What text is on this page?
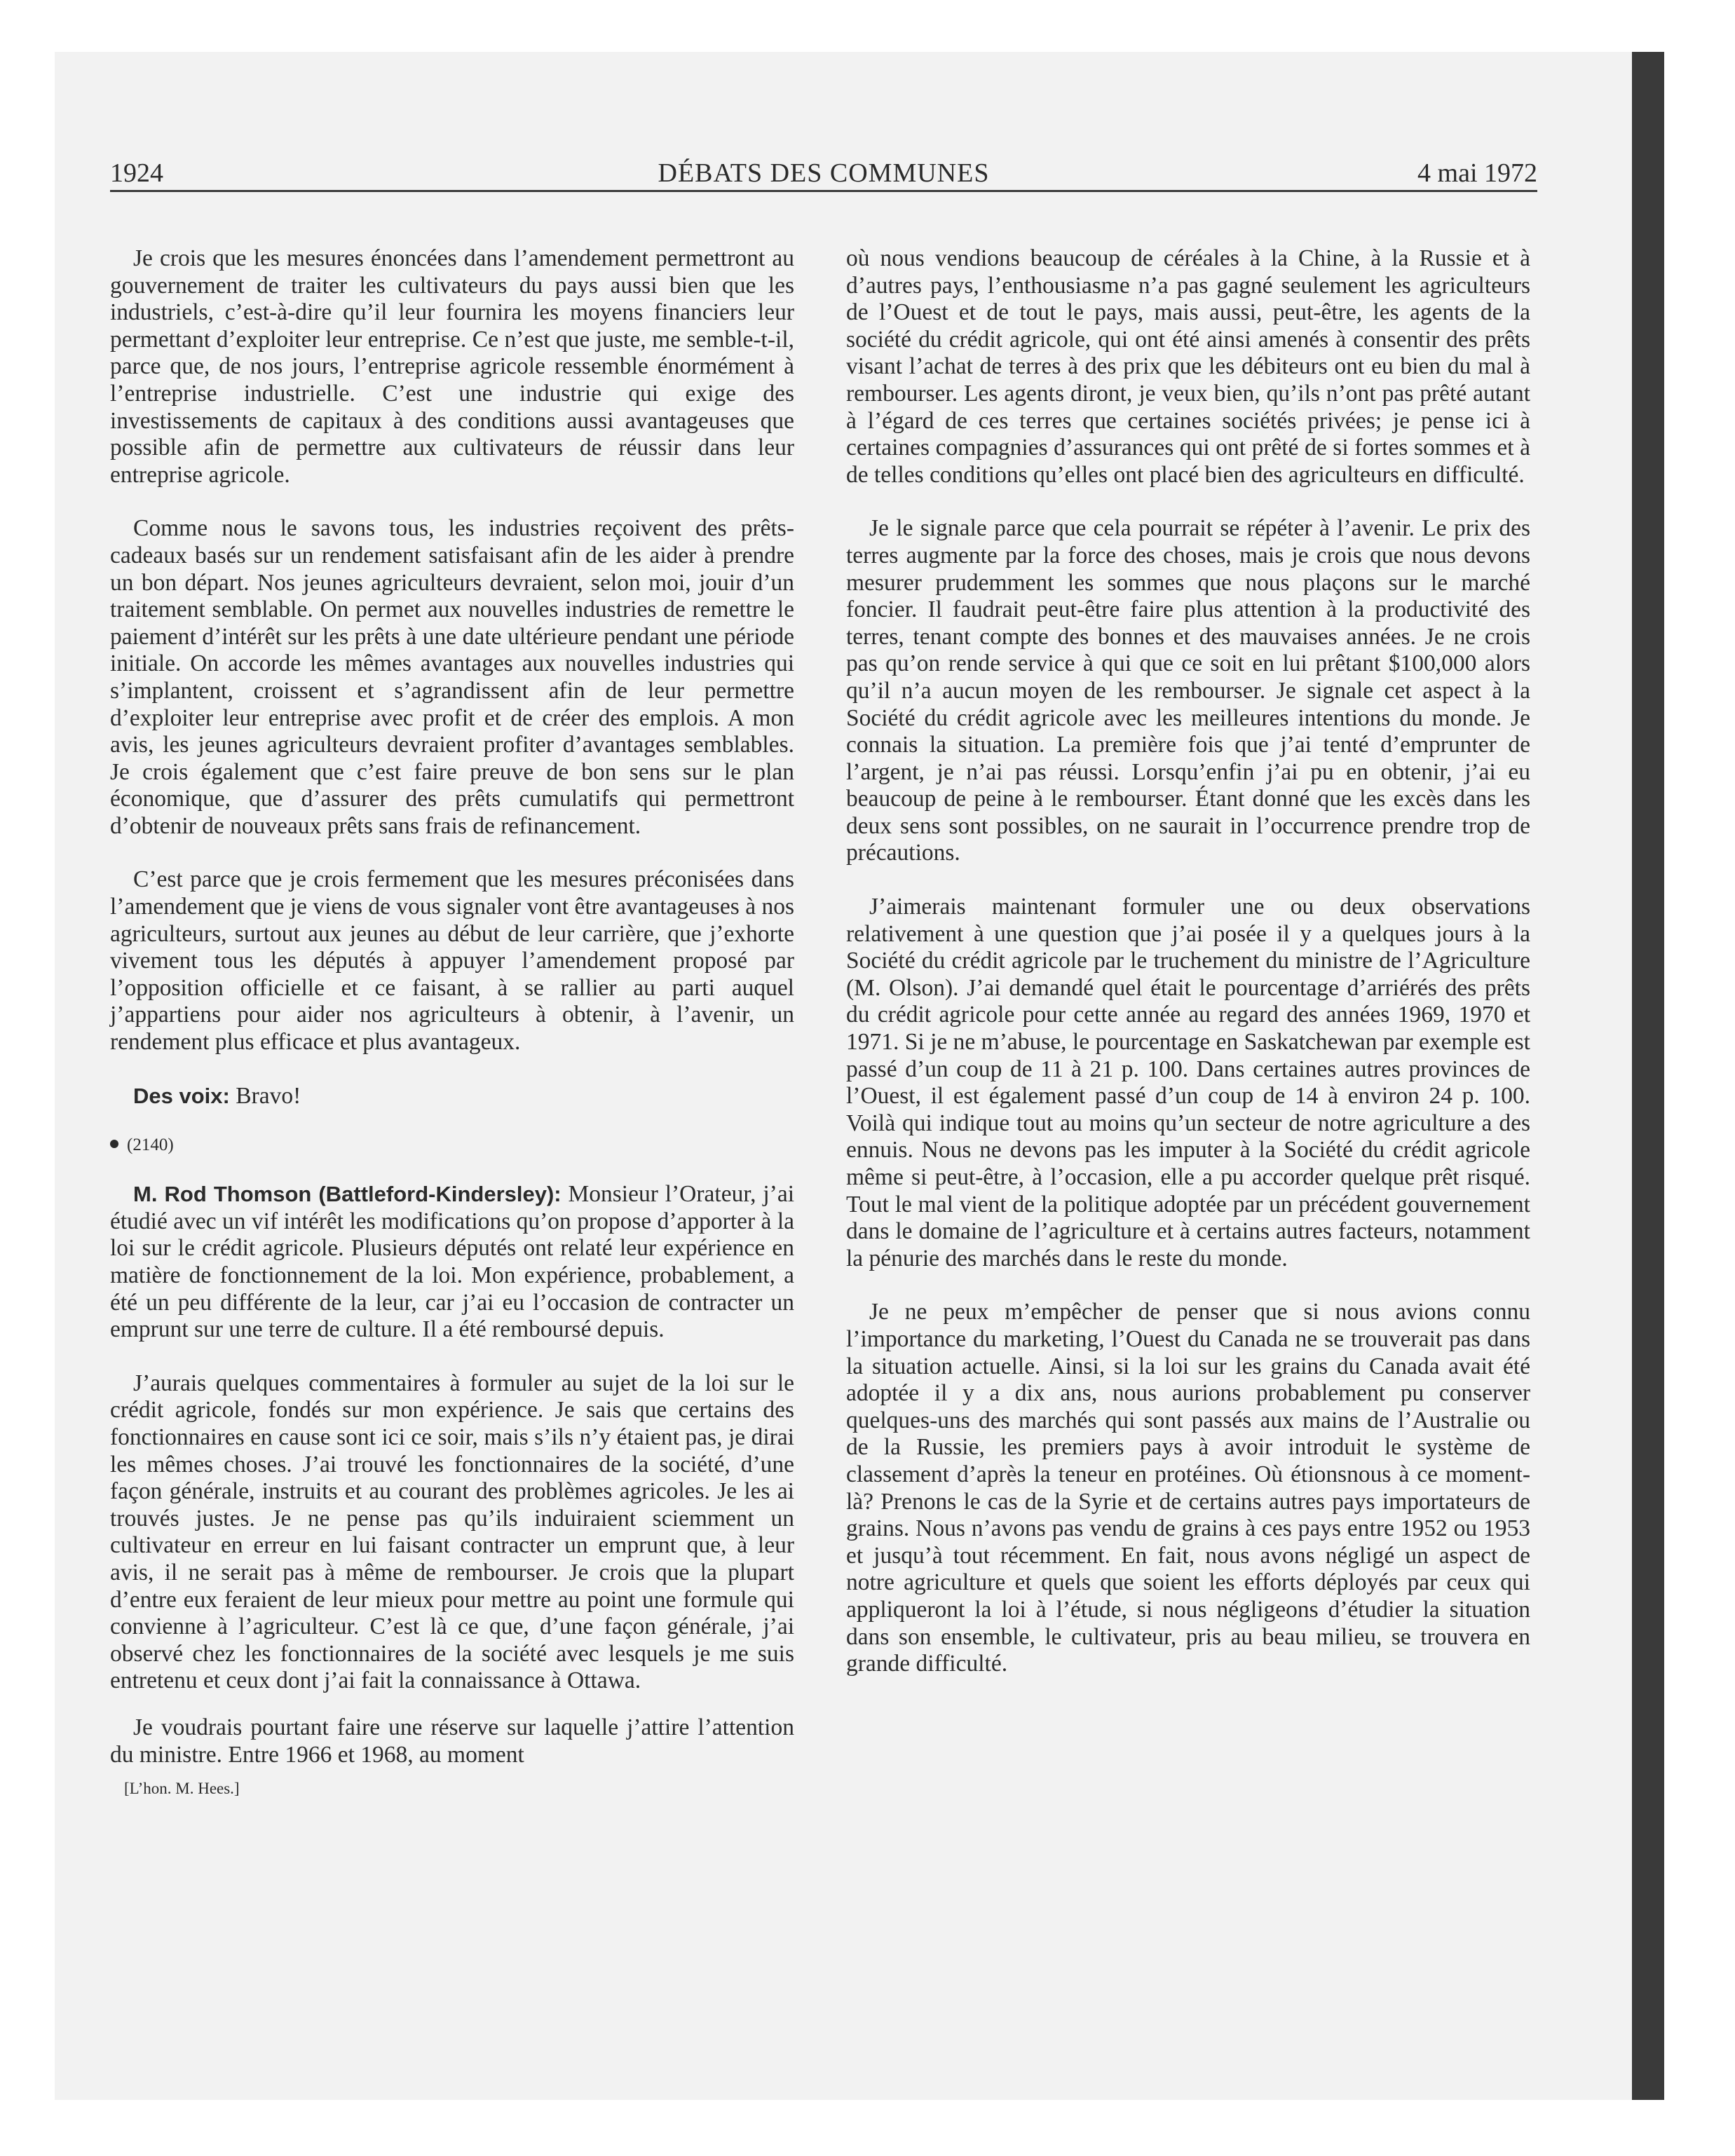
1924	DÉBATS DES COMMUNES	4 mai 1972

Je crois que les mesures énoncées dans l’amendement permettront au gouvernement de traiter les cultivateurs du pays aussi bien que les industriels, c’est-à-dire qu’il leur fournira les moyens financiers leur permettant d’exploiter leur entreprise. Ce n’est que juste, me semble-t-il, parce que, de nos jours, l’entreprise agricole ressemble énormément à l’entreprise industrielle. C’est une industrie qui exige des investissements de capitaux à des conditions aussi avantageuses que possible afin de permettre aux cultivateurs de réussir dans leur entreprise agricole.

Comme nous le savons tous, les industries reçoivent des prêts-cadeaux basés sur un rendement satisfaisant afin de les aider à prendre un bon départ. Nos jeunes agriculteurs devraient, selon moi, jouir d’un traitement semblable. On permet aux nouvelles industries de remettre le paiement d’intérêt sur les prêts à une date ultérieure pendant une période initiale. On accorde les mêmes avantages aux nouvelles industries qui s’implantent, croissent et s’agrandissent afin de leur permettre d’exploiter leur entreprise avec profit et de créer des emplois. A mon avis, les jeunes agriculteurs devraient profiter d’avantages semblables. Je crois également que c’est faire preuve de bon sens sur le plan économique, que d’assurer des prêts cumulatifs qui permettront d’obtenir de nouveaux prêts sans frais de refinancement.

C’est parce que je crois fermement que les mesures préconisées dans l’amendement que je viens de vous signaler vont être avantageuses à nos agriculteurs, surtout aux jeunes au début de leur carrière, que j’exhorte vivement tous les députés à appuyer l’amendement proposé par l’opposition officielle et ce faisant, à se rallier au parti auquel j’appartiens pour aider nos agriculteurs à obtenir, à l’avenir, un rendement plus efficace et plus avantageux.

Des voix: Bravo!

(2140)

M. Rod Thomson (Battleford-Kindersley): Monsieur l’Orateur, j’ai étudié avec un vif intérêt les modifications qu’on propose d’apporter à la loi sur le crédit agricole. Plusieurs députés ont relaté leur expérience en matière de fonctionnement de la loi. Mon expérience, probablement, a été un peu différente de la leur, car j’ai eu l’occasion de contracter un emprunt sur une terre de culture. Il a été remboursé depuis.

J’aurais quelques commentaires à formuler au sujet de la loi sur le crédit agricole, fondés sur mon expérience. Je sais que certains des fonctionnaires en cause sont ici ce soir, mais s’ils n’y étaient pas, je dirai les mêmes choses. J’ai trouvé les fonctionnaires de la société, d’une façon générale, instruits et au courant des problèmes agricoles. Je les ai trouvés justes. Je ne pense pas qu’ils induiraient sciemment un cultivateur en erreur en lui faisant contracter un emprunt que, à leur avis, il ne serait pas à même de rembourser. Je crois que la plupart d’entre eux feraient de leur mieux pour mettre au point une formule qui convienne à l’agriculteur. C’est là ce que, d’une façon générale, j’ai observé chez les fonctionnaires de la société avec lesquels je me suis entretenu et ceux dont j’ai fait la connaissance à Ottawa.

Je voudrais pourtant faire une réserve sur laquelle j’attire l’attention du ministre. Entre 1966 et 1968, au moment

[L’hon. M. Hees.]

où nous vendions beaucoup de céréales à la Chine, à la Russie et à d’autres pays, l’enthousiasme n’a pas gagné seulement les agriculteurs de l’Ouest et de tout le pays, mais aussi, peut-être, les agents de la société du crédit agricole, qui ont été ainsi amenés à consentir des prêts visant l’achat de terres à des prix que les débiteurs ont eu bien du mal à rembourser. Les agents diront, je veux bien, qu’ils n’ont pas prêté autant à l’égard de ces terres que certaines sociétés privées; je pense ici à certaines compagnies d’assurances qui ont prêté de si fortes sommes et à de telles conditions qu’elles ont placé bien des agriculteurs en difficulté.

Je le signale parce que cela pourrait se répéter à l’avenir. Le prix des terres augmente par la force des choses, mais je crois que nous devons mesurer prudemment les sommes que nous plaçons sur le marché foncier. Il faudrait peut-être faire plus attention à la productivité des terres, tenant compte des bonnes et des mauvaises années. Je ne crois pas qu’on rende service à qui que ce soit en lui prêtant $100,000 alors qu’il n’a aucun moyen de les rembourser. Je signale cet aspect à la Société du crédit agricole avec les meilleures intentions du monde. Je connais la situation. La première fois que j’ai tenté d’emprunter de l’argent, je n’ai pas réussi. Lorsqu’enfin j’ai pu en obtenir, j’ai eu beaucoup de peine à le rembourser. Étant donné que les excès dans les deux sens sont possibles, on ne saurait in l’occurrence prendre trop de précautions.

J’aimerais maintenant formuler une ou deux observations relativement à une question que j’ai posée il y a quelques jours à la Société du crédit agricole par le truchement du ministre de l’Agriculture (M. Olson). J’ai demandé quel était le pourcentage d’arriérés des prêts du crédit agricole pour cette année au regard des années 1969, 1970 et 1971. Si je ne m’abuse, le pourcentage en Saskatchewan par exemple est passé d’un coup de 11 à 21 p. 100. Dans certaines autres provinces de l’Ouest, il est également passé d’un coup de 14 à environ 24 p. 100. Voilà qui indique tout au moins qu’un secteur de notre agriculture a des ennuis. Nous ne devons pas les imputer à la Société du crédit agricole même si peut-être, à l’occasion, elle a pu accorder quelque prêt risqué. Tout le mal vient de la politique adoptée par un précédent gouvernement dans le domaine de l’agriculture et à certains autres facteurs, notamment la pénurie des marchés dans le reste du monde.

Je ne peux m’empêcher de penser que si nous avions connu l’importance du marketing, l’Ouest du Canada ne se trouverait pas dans la situation actuelle. Ainsi, si la loi sur les grains du Canada avait été adoptée il y a dix ans, nous aurions probablement pu conserver quelques-uns des marchés qui sont passés aux mains de l’Australie ou de la Russie, les premiers pays à avoir introduit le système de classement d’après la teneur en protéines. Où étionsnous à ce moment-là? Prenons le cas de la Syrie et de certains autres pays importateurs de grains. Nous n’avons pas vendu de grains à ces pays entre 1952 ou 1953 et jusqu’à tout récemment. En fait, nous avons négligé un aspect de notre agriculture et quels que soient les efforts déployés par ceux qui appliqueront la loi à l’étude, si nous négligeons d’étudier la situation dans son ensemble, le cultivateur, pris au beau milieu, se trouvera en grande difficulté.
